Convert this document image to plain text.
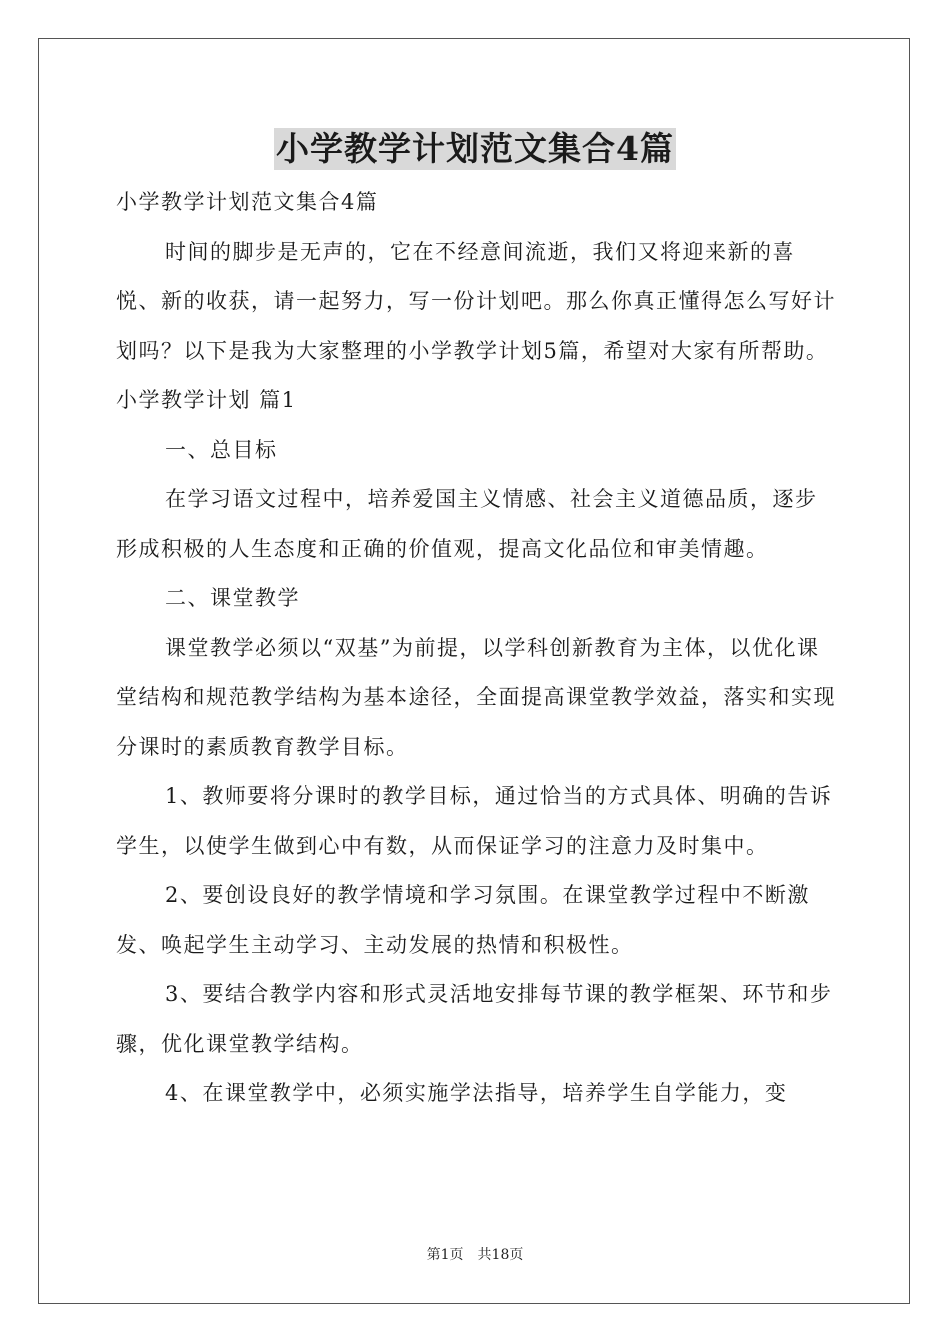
小学教学计划范文集合4篇

小学教学计划范文集合4篇

时间的脚步是无声的，它在不经意间流逝，我们又将迎来新的喜悦、新的收获，请一起努力，写一份计划吧。那么你真正懂得怎么写好计划吗？以下是我为大家整理的小学教学计划5篇，希望对大家有所帮助。

小学教学计划 篇1

一、总目标

在学习语文过程中，培养爱国主义情感、社会主义道德品质，逐步形成积极的人生态度和正确的价值观，提高文化品位和审美情趣。

二、课堂教学

课堂教学必须以“双基”为前提，以学科创新教育为主体，以优化课堂结构和规范教学结构为基本途径，全面提高课堂教学效益，落实和实现分课时的素质教育教学目标。

1、教师要将分课时的教学目标，通过恰当的方式具体、明确的告诉学生，以使学生做到心中有数，从而保证学习的注意力及时集中。

2、要创设良好的教学情境和学习氛围。在课堂教学过程中不断激发、唤起学生主动学习、主动发展的热情和积极性。

3、要结合教学内容和形式灵活地安排每节课的教学框架、环节和步骤，优化课堂教学结构。

4、在课堂教学中，必须实施学法指导，培养学生自学能力，变

第1页　共18页
